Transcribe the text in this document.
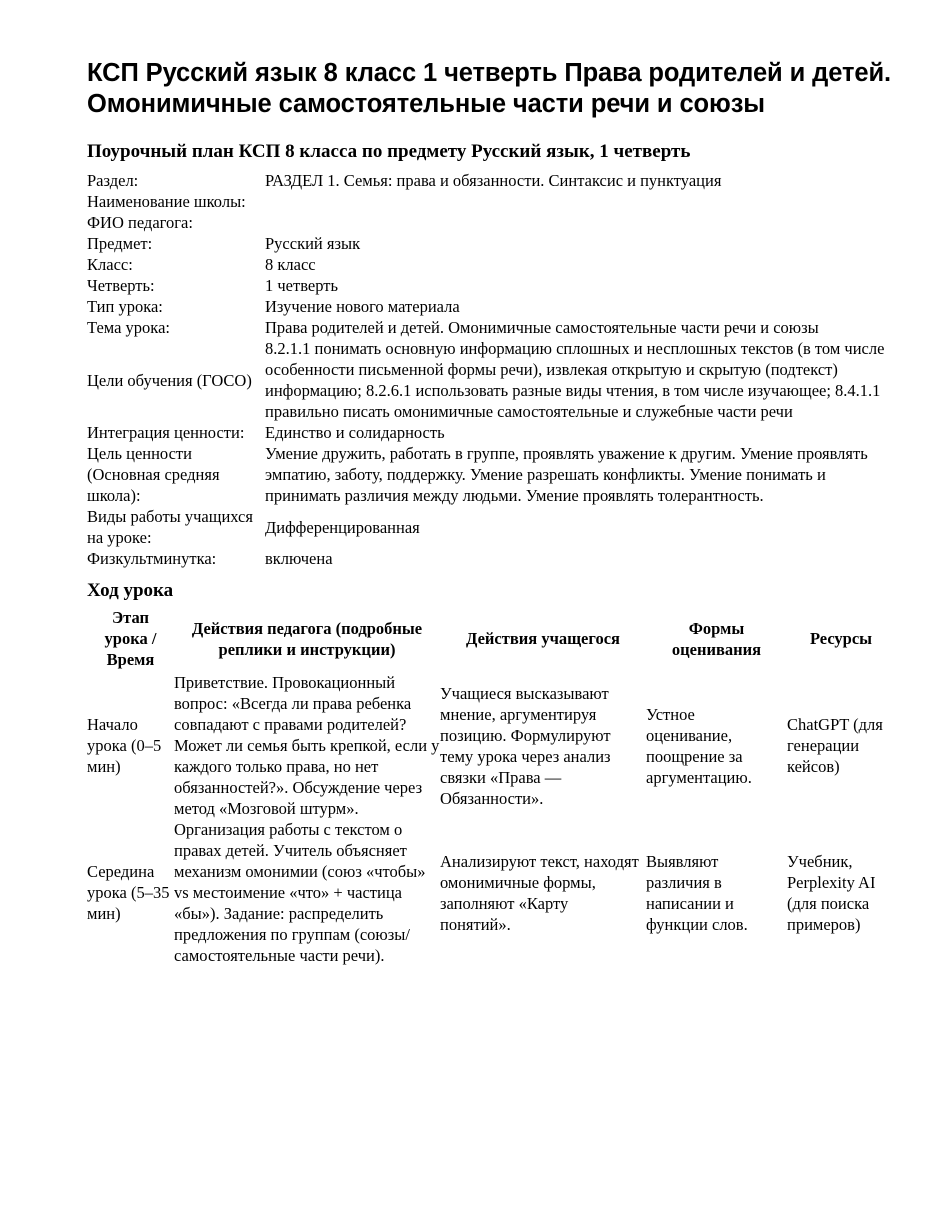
КСП Русский язык 8 класс 1 четверть Права родителей и детей. Омонимичные самостоятельные части речи и союзы
Поурочный план КСП 8 класса по предмету Русский язык, 1 четверть
Раздел:	РАЗДЕЛ 1. Семья: права и обязанности. Синтаксис и пунктуация
Наименование школы:	
ФИО педагога:	
Предмет:	Русский язык
Класс:	8 класс
Четверть:	1 четверть
Тип урока:	Изучение нового материала
Тема урока:	Права родителей и детей. Омонимичные самостоятельные части речи и союзы
Цели обучения (ГОСО)	8.2.1.1 понимать основную информацию сплошных и несплошных текстов (в том числе особенности письменной формы речи), извлекая открытую и скрытую (подтекст) информацию; 8.2.6.1 использовать разные виды чтения, в том числе изучающее; 8.4.1.1 правильно писать омонимичные самостоятельные и служебные части речи
Интеграция ценности:	Единство и солидарность
Цель ценности (Основная средняя школа):	Умение дружить, работать в группе, проявлять уважение к другим. Умение проявлять эмпатию, заботу, поддержку. Умение разрешать конфликты. Умение понимать и принимать различия между людьми. Умение проявлять толерантность.
Виды работы учащихся на уроке:	Дифференцированная
Физкультминутка:	включена
Ход урока
Этап урока / Время	Действия педагога (подробные реплики и инструкции)	Действия учащегося	Формы оценивания	Ресурсы
Начало урока (0–5 мин)	Приветствие. Провокационный вопрос: «Всегда ли права ребенка совпадают с правами родителей? Может ли семья быть крепкой, если у каждого только права, но нет обязанностей?». Обсуждение через метод «Мозговой штурм».	Учащиеся высказывают мнение, аргументируя позицию. Формулируют тему урока через анализ связки «Права — Обязанности».	Устное оценивание, поощрение за аргументацию.	ChatGPT (для генерации кейсов)
Середина урока (5–35 мин)	Организация работы с текстом о правах детей. Учитель объясняет механизм омонимии (союз «чтобы» vs местоимение «что» + частица «бы»). Задание: распределить предложения по группам (союзы/самостоятельные части речи).	Анализируют текст, находят омонимичные формы, заполняют «Карту понятий».	Выявляют различия в написании и функции слов.	Учебник, Perplexity AI (для поиска примеров)
